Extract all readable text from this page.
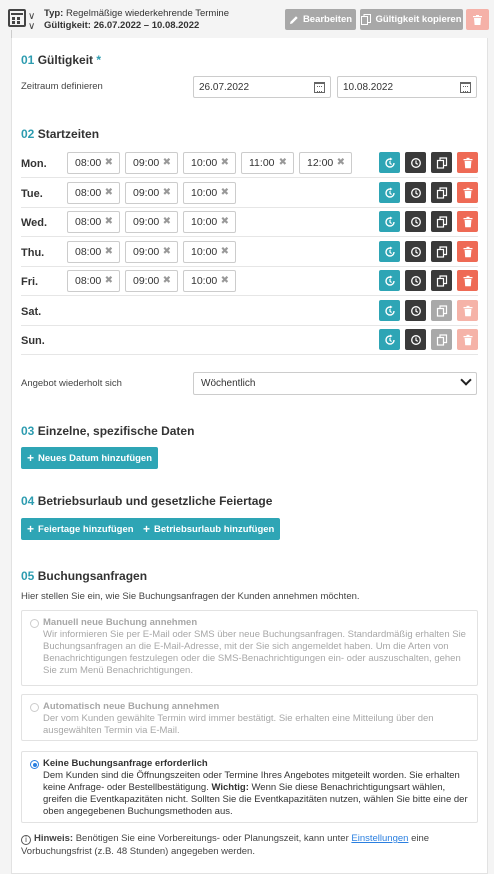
∨
∨
Typ: Regelmäßige wiederkehrende Termine
Gültigkeit: 26.07.2022 – 10.08.2022
Bearbeiten Gültigkeit kopieren
01 Gültigkeit *
Zeitraum definieren	26.07.2022	10.08.2022
02 Startzeiten
Mon.	08:00 ✖ 09:00 ✖ 10:00 ✖ 11:00 ✖ 12:00 ✖
Tue.	08:00 ✖ 09:00 ✖ 10:00 ✖
Wed.	08:00 ✖ 09:00 ✖ 10:00 ✖
Thu.	08:00 ✖ 09:00 ✖ 10:00 ✖
Fri.	08:00 ✖ 09:00 ✖ 10:00 ✖
Sat.
Sun.
Angebot wiederholt sich	Wöchentlich
03 Einzelne, spezifische Daten
+ Neues Datum hinzufügen
04 Betriebsurlaub und gesetzliche Feiertage
+ Feiertage hinzufügen + Betriebsurlaub hinzufügen
05 Buchungsanfragen
Hier stellen Sie ein, wie Sie Buchungsanfragen der Kunden annehmen möchten.
Manuell neue Buchung annehmen
Wir informieren Sie per E-Mail oder SMS über neue Buchungsanfragen. Standardmäßig erhalten Sie Buchungsanfragen an die E-Mail-Adresse, mit der Sie sich angemeldet haben. Um die Arten von Benachrichtigungen festzulegen oder die SMS-Benachrichtigungen ein- oder auszuschalten, gehen Sie zum Menü Benachrichtigungen.
Automatisch neue Buchung annehmen
Der vom Kunden gewählte Termin wird immer bestätigt. Sie erhalten eine Mitteilung über den ausgewählten Termin via E-Mail.
Keine Buchungsanfrage erforderlich
Dem Kunden sind die Öffnungszeiten oder Termine Ihres Angebotes mitgeteilt worden. Sie erhalten keine Anfrage- oder Bestellbestätigung. Wichtig: Wenn Sie diese Benachrichtigungsart wählen, greifen die Eventkapazitäten nicht. Sollten Sie die Eventkapazitäten nutzen, wählen Sie bitte eine der oben angegebenen Buchungsmethoden aus.
i Hinweis: Benötigen Sie eine Vorbereitungs- oder Planungszeit, kann unter Einstellungen eine Vorbuchungsfrist (z.B. 48 Stunden) angegeben werden.
